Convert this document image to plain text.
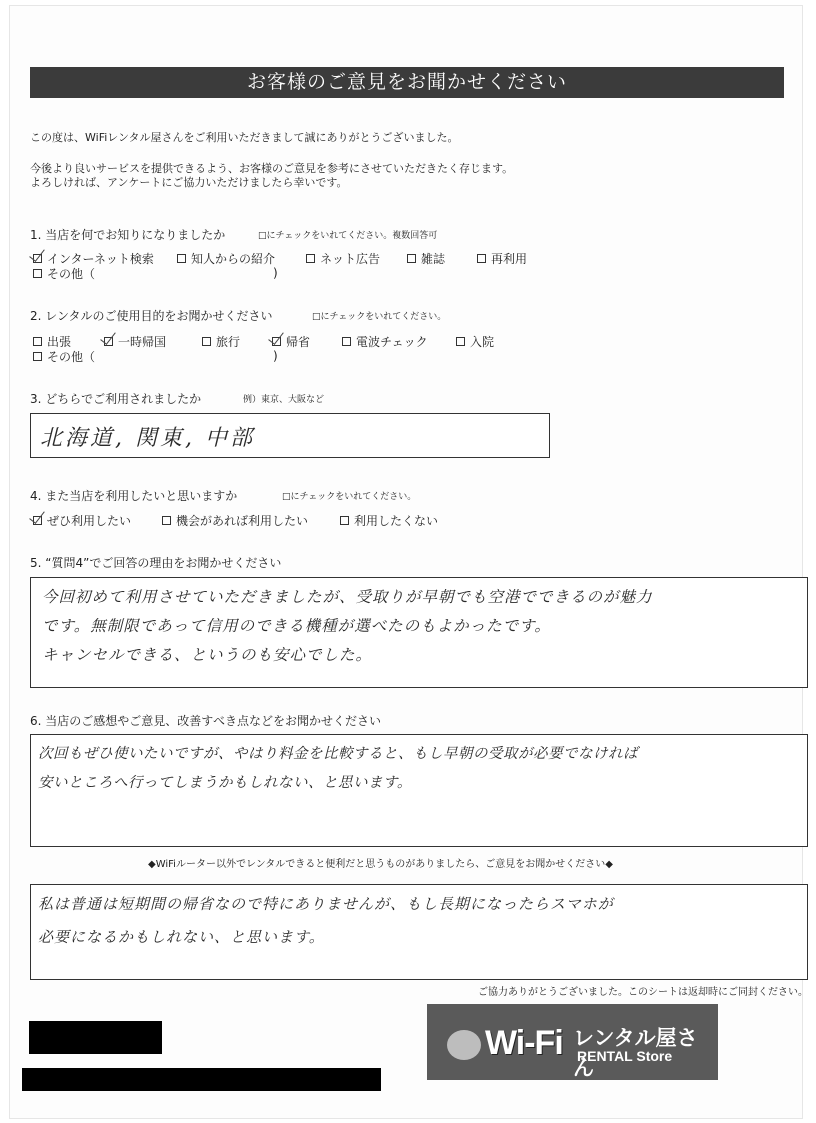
お客様のご意見をお聞かせください
この度は、WiFiレンタル屋さんをご利用いただきまして誠にありがとうございました。
今後より良いサービスを提供できるよう、お客様のご意見を参考にさせていただきたく存じます。
よろしければ、アンケートにご協力いただけましたら幸いです。
1. 当店を何でお知りになりましたか	□にチェックをいれてください。複数回答可
インターネット検索	知人からの紹介	ネット広告	雑誌	再利用
その他（	)
2. レンタルのご使用目的をお聞かせください	□にチェックをいれてください。
出張	一時帰国	旅行	帰省	電波チェック	入院
その他（	)
3. どちらでご利用されましたか	例）東京、大阪など
北海道, 関東, 中部
4. また当店を利用したいと思いますか	□にチェックをいれてください。
ぜひ利用したい	機会があれば利用したい	利用したくない
5. “質問4”でご回答の理由をお聞かせください
今回初めて利用させていただきましたが、受取りが早朝でも空港でできるのが魅力
です。無制限であって信用のできる機種が選べたのもよかったです。
キャンセルできる、というのも安心でした。
6. 当店のご感想やご意見、改善すべき点などをお聞かせください
次回もぜひ使いたいですが、やはり料金を比較すると、もし早朝の受取が必要でなければ
安いところへ行ってしまうかもしれない、と思います。
◆WiFiルーター以外でレンタルできると便利だと思うものがありましたら、ご意見をお聞かせください◆
私は普通は短期間の帰省なので特にありませんが、もし長期になったらスマホが
必要になるかもしれない、と思います。
ご協力ありがとうございました。このシートは返却時にご同封ください。
Wi-Fi レンタル屋さん
RENTAL Store
